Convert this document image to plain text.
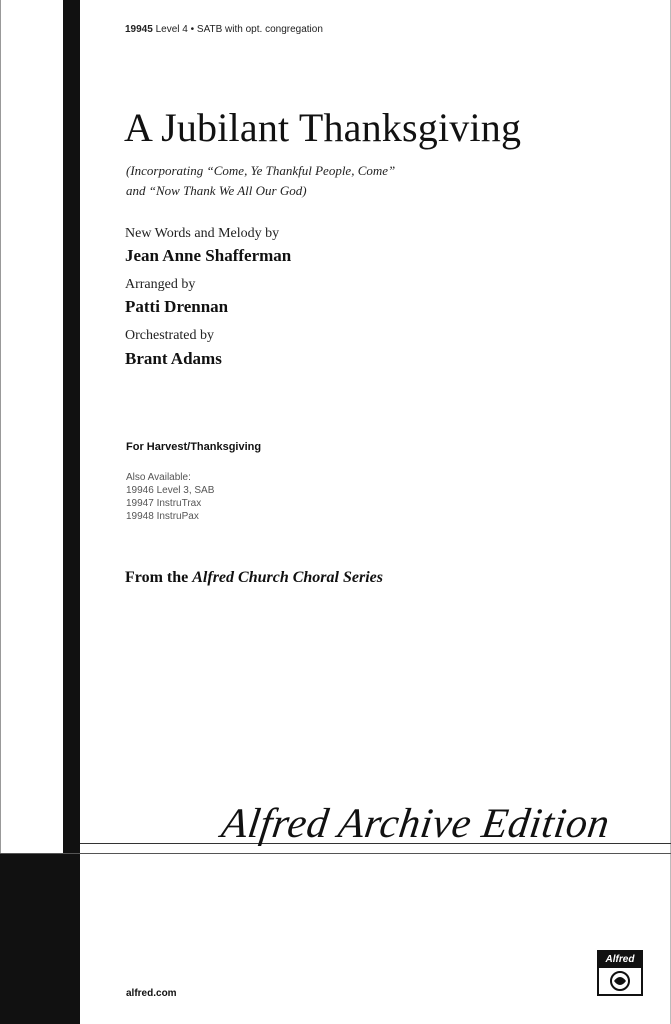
19945 Level 4 • SATB with opt. congregation
A Jubilant Thanksgiving
(Incorporating “Come, Ye Thankful People, Come”
and “Now Thank We All Our God)
New Words and Melody by
Jean Anne Shafferman
Arranged by
Patti Drennan
Orchestrated by
Brant Adams
For Harvest/Thanksgiving
Also Available:
19946 Level 3, SAB
19947 InstruTrax
19948 InstruPax
From the Alfred Church Choral Series
Alfred Archive Edition
alfred.com
Alfred
